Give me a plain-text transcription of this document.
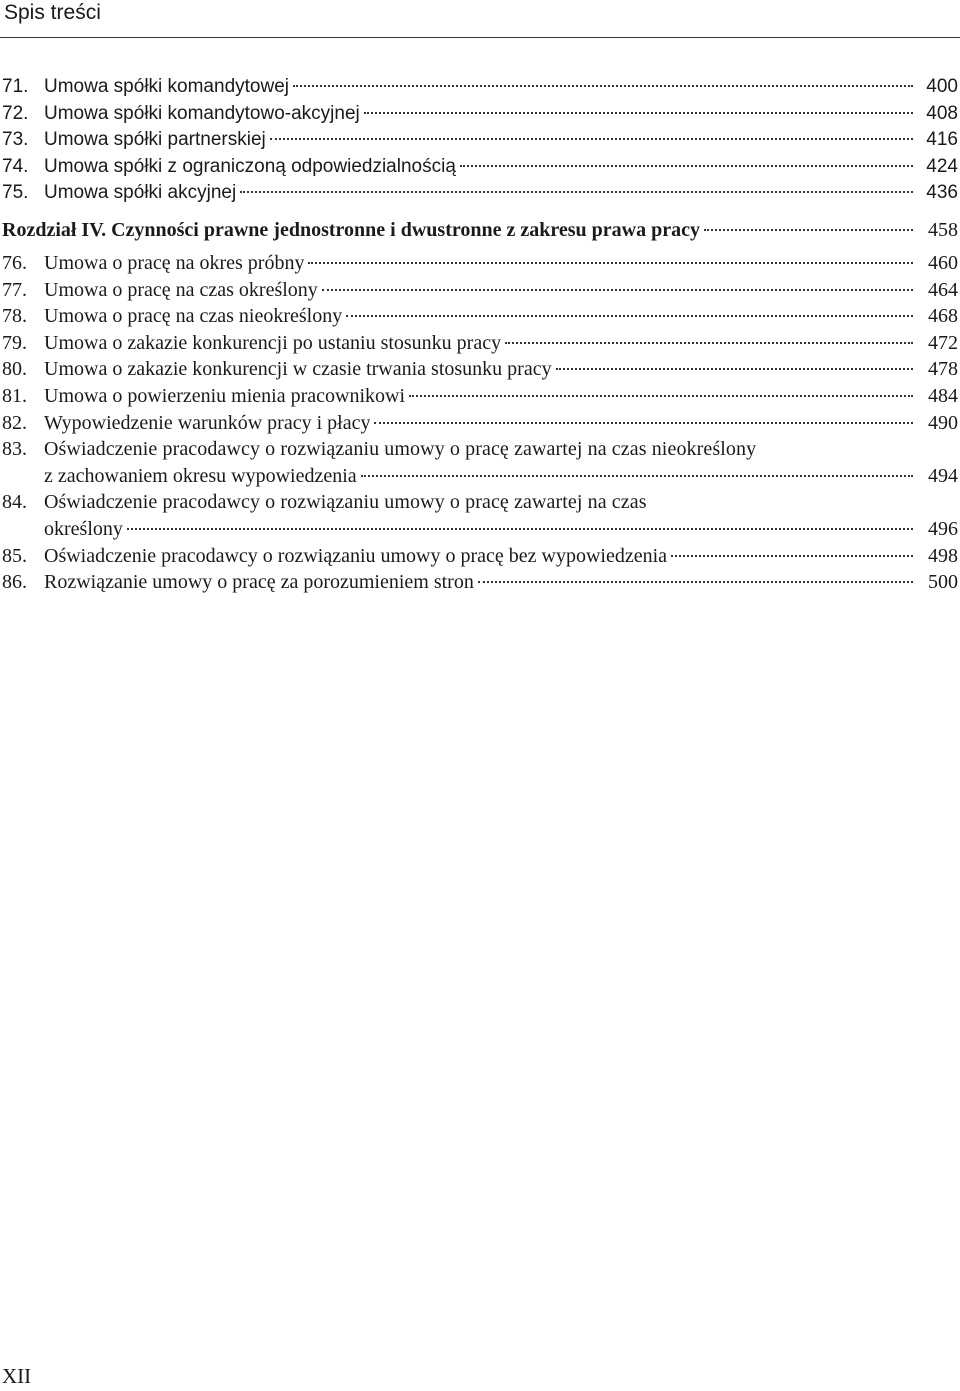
Spis treści
71. Umowa spółki komandytowej	400
72. Umowa spółki komandytowo-akcyjnej	408
73. Umowa spółki partnerskiej	416
74. Umowa spółki z ograniczoną odpowiedzialnością	424
75. Umowa spółki akcyjnej	436
Rozdział IV. Czynności prawne jednostronne i dwustronne z zakresu prawa pracy	458
76. Umowa o pracę na okres próbny	460
77. Umowa o pracę na czas określony	464
78. Umowa o pracę na czas nieokreślony	468
79. Umowa o zakazie konkurencji po ustaniu stosunku pracy	472
80. Umowa o zakazie konkurencji w czasie trwania stosunku pracy	478
81. Umowa o powierzeniu mienia pracownikowi	484
82. Wypowiedzenie warunków pracy i płacy	490
83. Oświadczenie pracodawcy o rozwiązaniu umowy o pracę zawartej na czas nieokreślony
z zachowaniem okresu wypowiedzenia	494
84. Oświadczenie pracodawcy o rozwiązaniu umowy o pracę zawartej na czas
określony	496
85. Oświadczenie pracodawcy o rozwiązaniu umowy o pracę bez wypowiedzenia	498
86. Rozwiązanie umowy o pracę za porozumieniem stron	500
XII
